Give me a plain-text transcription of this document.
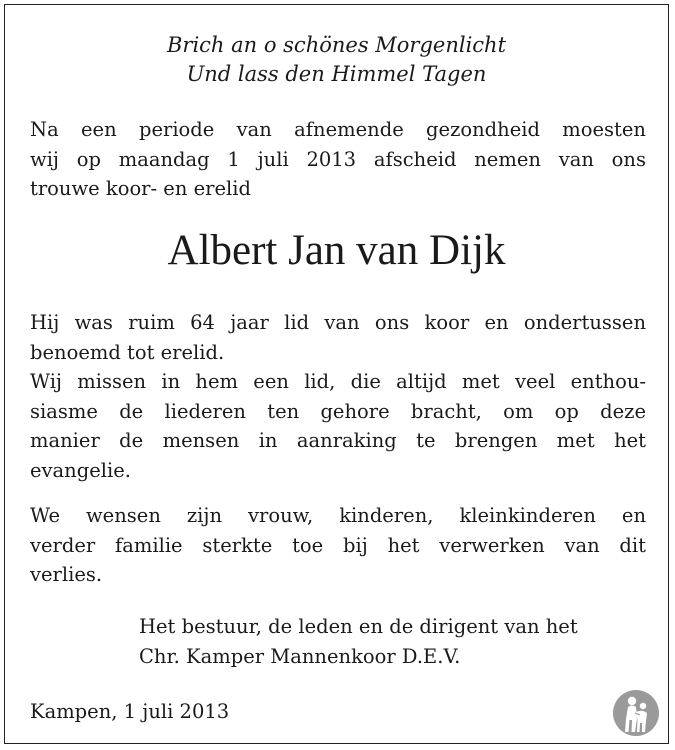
Brich an o schönes Morgenlicht
Und lass den Himmel Tagen
Na een periode van afnemende gezondheid moesten
wij op maandag 1 juli 2013 afscheid nemen van ons
trouwe koor- en erelid
Albert Jan van Dijk
Hij was ruim 64 jaar lid van ons koor en ondertussen
benoemd tot erelid.
Wij missen in hem een lid, die altijd met veel enthou-
siasme de liederen ten gehore bracht, om op deze
manier de mensen in aanraking te brengen met het
evangelie.
We wensen zijn vrouw, kinderen, kleinkinderen en
verder familie sterkte toe bij het verwerken van dit
verlies.
Het bestuur, de leden en de dirigent van het
Chr. Kamper Mannenkoor D.E.V.
Kampen, 1 juli 2013
